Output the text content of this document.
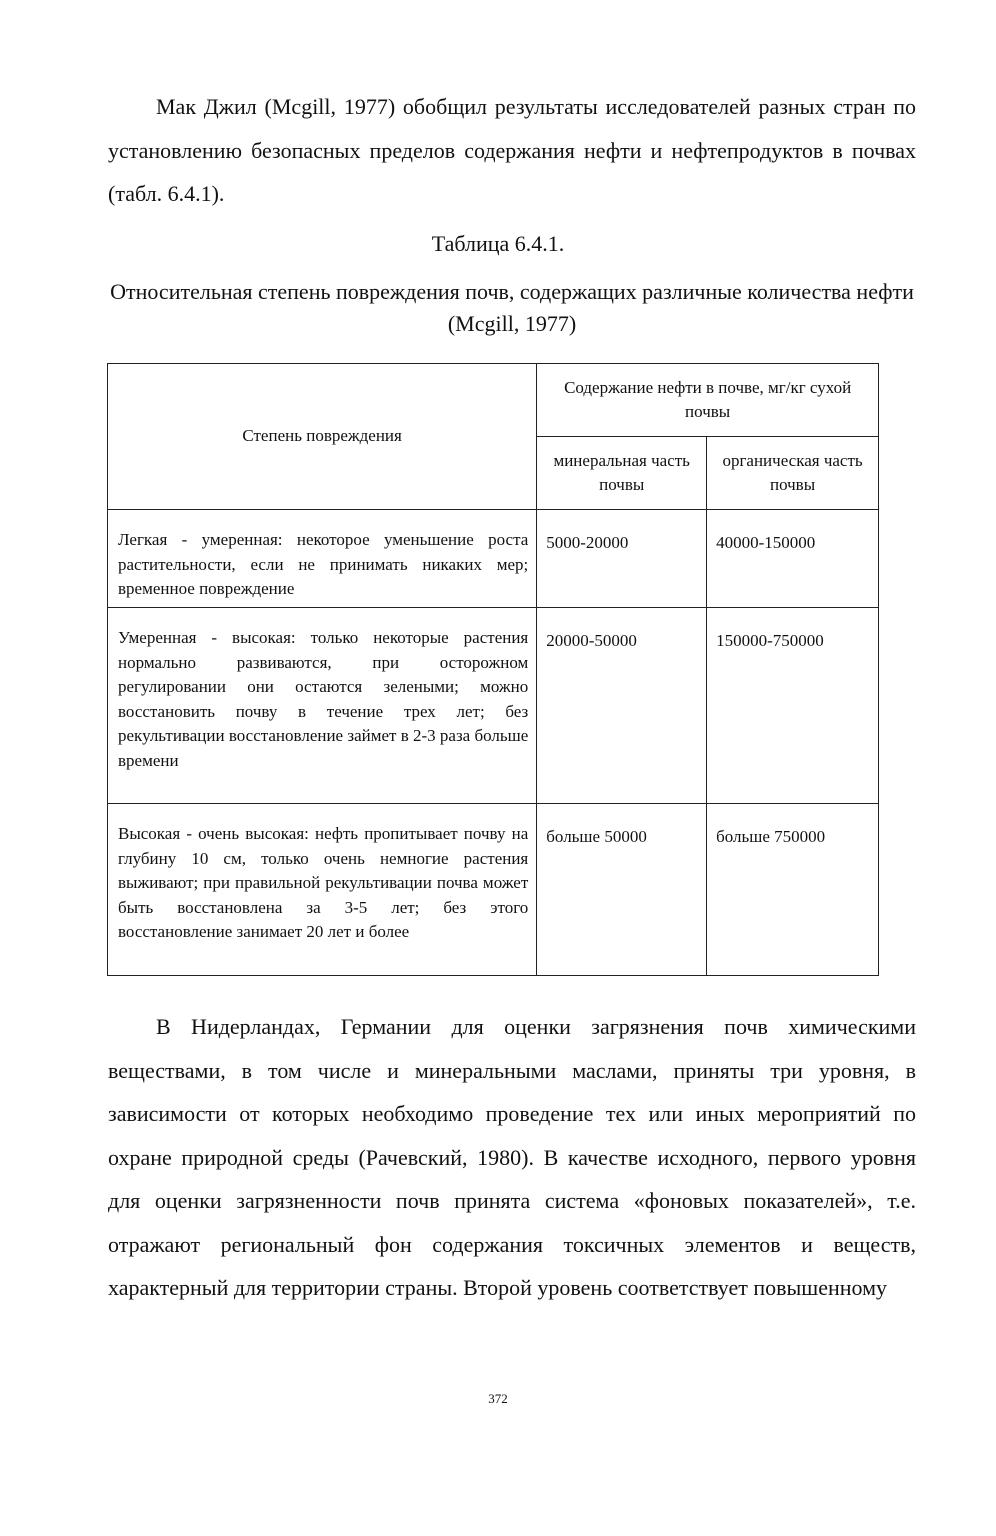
Мак Джил (Mcgill, 1977) обобщил результаты исследователей разных стран по установлению безопасных пределов содержания нефти и нефтепродуктов в почвах (табл. 6.4.1).

Таблица 6.4.1.

Относительная степень повреждения почв, содержащих различные количества нефти (Mcgill, 1977)

Степень повреждения	Содержание нефти в почве, мг/кг сухой почвы	
	минеральная часть почвы	органическая часть почвы
Легкая - умеренная: некоторое уменьшение роста растительности, если не принимать никаких мер; временное повреждение	5000-20000	40000-150000
Умеренная - высокая: только некоторые растения нормально развиваются, при осторожном регулировании они остаются зелеными; можно восстановить почву в течение трех лет; без рекультивации восстановление займет в 2-3 раза больше времени	20000-50000	150000-750000
Высокая - очень высокая: нефть пропитывает почву на глубину 10 см, только очень немногие растения выживают; при правильной рекультивации почва может быть восстановлена за 3-5 лет; без этого восстановление занимает 20 лет и более	больше 50000	больше 750000

В Нидерландах, Германии для оценки загрязнения почв химическими веществами, в том числе и минеральными маслами, приняты три уровня, в зависимости от которых необходимо проведение тех или иных мероприятий по охране природной среды (Рачевский, 1980). В качестве исходного, первого уровня для оценки загрязненности почв принята система «фоновых показателей», т.е. отражают региональный фон содержания токсичных элементов и веществ, характерный для территории страны. Второй уровень соответствует повышенному

372
